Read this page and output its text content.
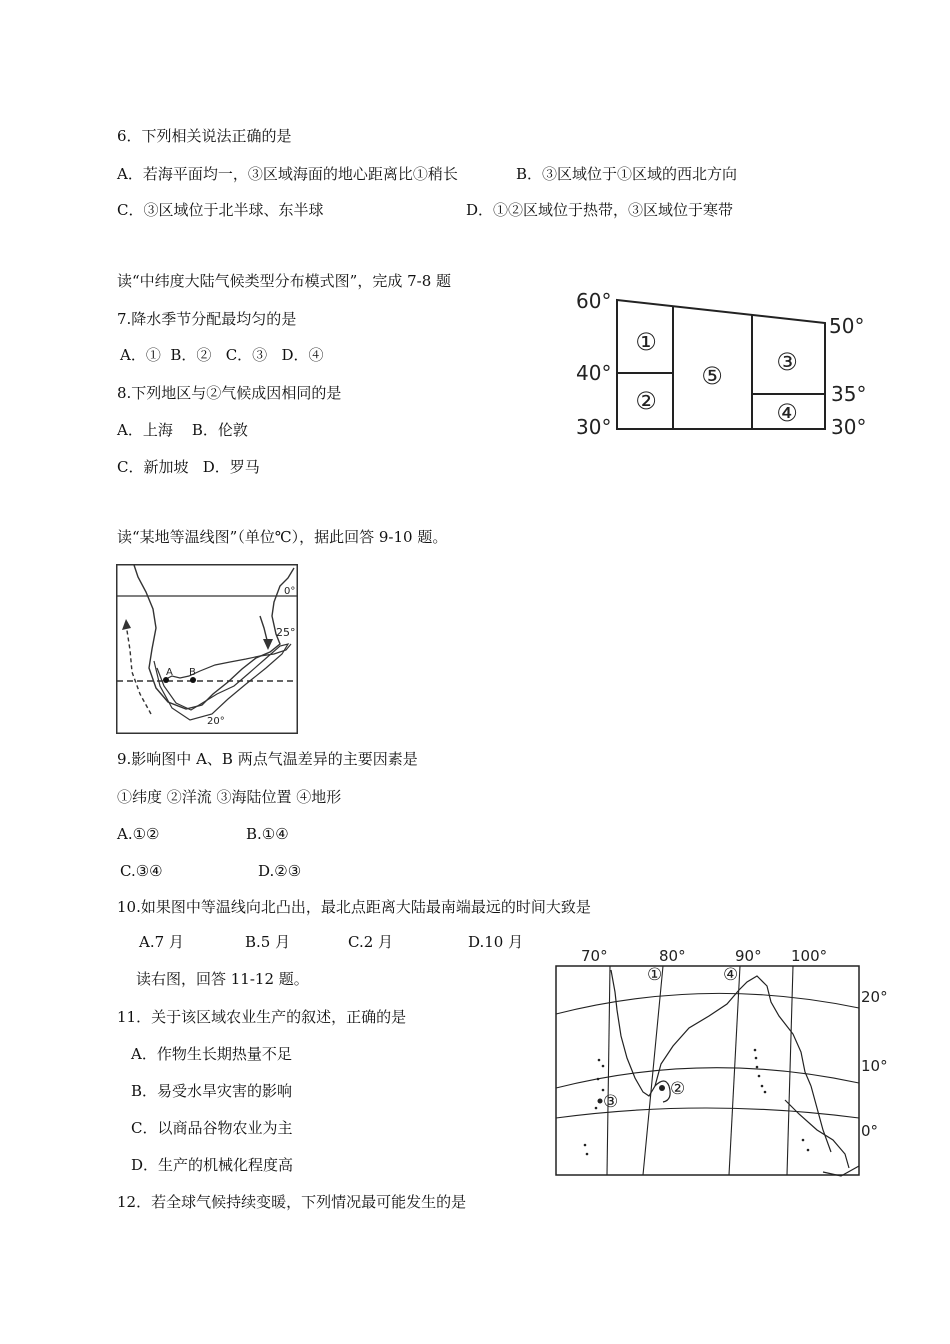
6．下列相关说法正确的是
A．若海平面均一，③区域海面的地心距离比①稍长	B．③区域位于①区域的西北方向
C．③区域位于北半球、东半球	D．①②区域位于热带，③区域位于寒带
读“中纬度大陆气候类型分布模式图”，完成 7-8 题
7.降水季节分配最均匀的是
A．①  B．②   C．③   D．④
8.下列地区与②气候成因相同的是
A．上海    B．伦敦
C．新加坡   D．罗马
60°
40°
30°
50°
35°
30°
①
②
③
④
⑤
读“某地等温线图”（单位℃），据此回答 9-10 题。
A B
0°
25°
20°
9.影响图中 A、B 两点气温差异的主要因素是
①纬度 ②洋流 ③海陆位置 ④地形
A.①②	B.①④
C.③④	D.②③
10.如果图中等温线向北凸出，最北点距离大陆最南端最远的时间大致是
A.7 月	B.5 月	C.2 月	D.10 月
读右图，回答 11-12 题。
11．关于该区域农业生产的叙述，正确的是
A．作物生长期热量不足
B．易受水旱灾害的影响
C．以商品谷物农业为主
D．生产的机械化程度高
12．若全球气候持续变暖，下列情况最可能发生的是
70°	80°	90° 100°
20°
10°
0°
①	④
②
③
